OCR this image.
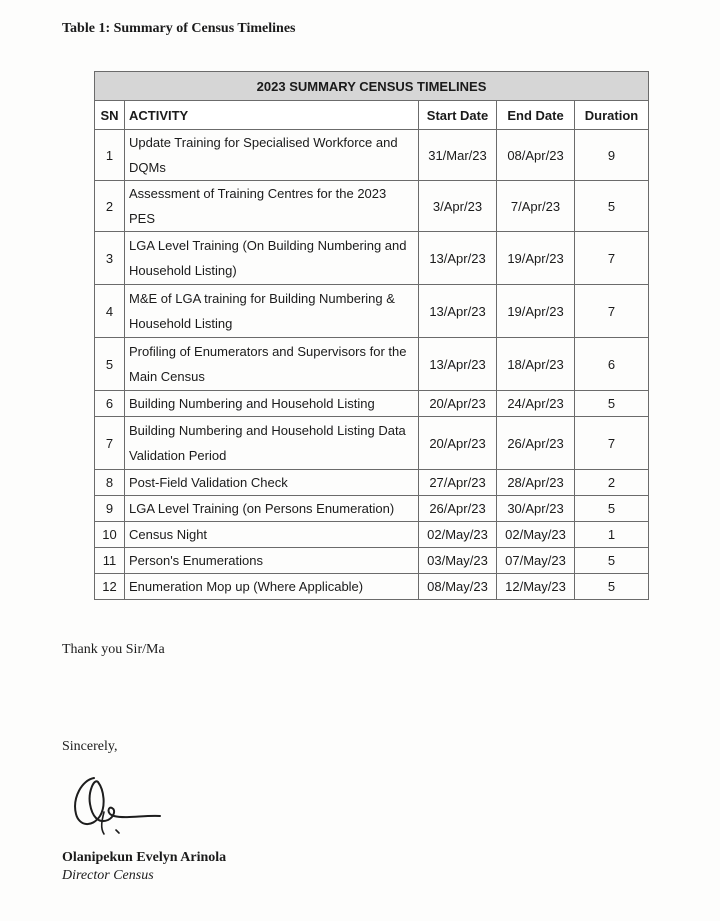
Table 1: Summary of Census Timelines
2023 SUMMARY CENSUS TIMELINES				
SN	ACTIVITY	Start Date	End Date	Duration
1	Update Training for Specialised Workforce and DQMs	31/Mar/23	08/Apr/23	9
2	Assessment of Training Centres for the 2023 PES	3/Apr/23	7/Apr/23	5
3	LGA Level Training (On Building Numbering and Household Listing)	13/Apr/23	19/Apr/23	7
4	M&E of LGA training for Building Numbering & Household Listing	13/Apr/23	19/Apr/23	7
5	Profiling of Enumerators and Supervisors for the Main Census	13/Apr/23	18/Apr/23	6
6	Building Numbering and Household Listing	20/Apr/23	24/Apr/23	5
7	Building Numbering and Household Listing Data Validation Period	20/Apr/23	26/Apr/23	7
8	Post-Field Validation Check	27/Apr/23	28/Apr/23	2
9	LGA Level Training (on Persons Enumeration)	26/Apr/23	30/Apr/23	5
10	Census Night	02/May/23	02/May/23	1
11	Person's Enumerations	03/May/23	07/May/23	5
12	Enumeration Mop up (Where Applicable)	08/May/23	12/May/23	5
Thank you Sir/Ma
Sincerely,
Olanipekun Evelyn Arinola
Director Census
